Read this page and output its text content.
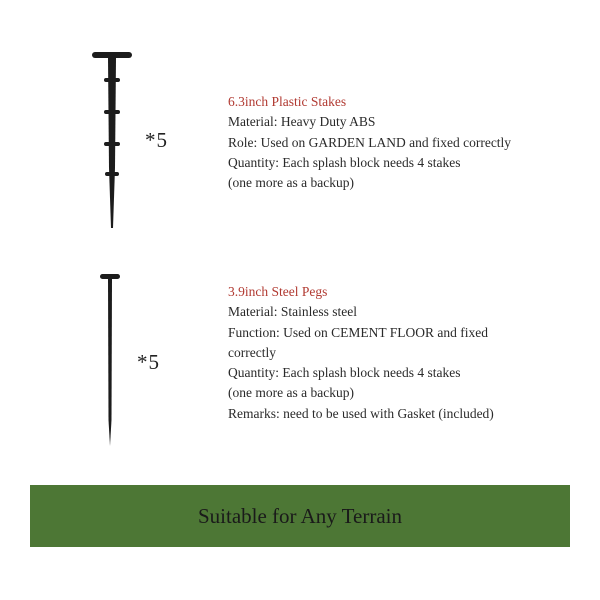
*5
6.3inch Plastic Stakes
Material: Heavy Duty ABS
Role: Used on GARDEN LAND and fixed correctly
Quantity: Each splash block needs 4 stakes
(one more as a backup)
*5
3.9inch Steel Pegs
Material: Stainless steel
Function: Used on CEMENT FLOOR and fixed
correctly
Quantity: Each splash block needs 4 stakes
(one more as a backup)
Remarks: need to be used with Gasket (included)
Suitable for Any Terrain
